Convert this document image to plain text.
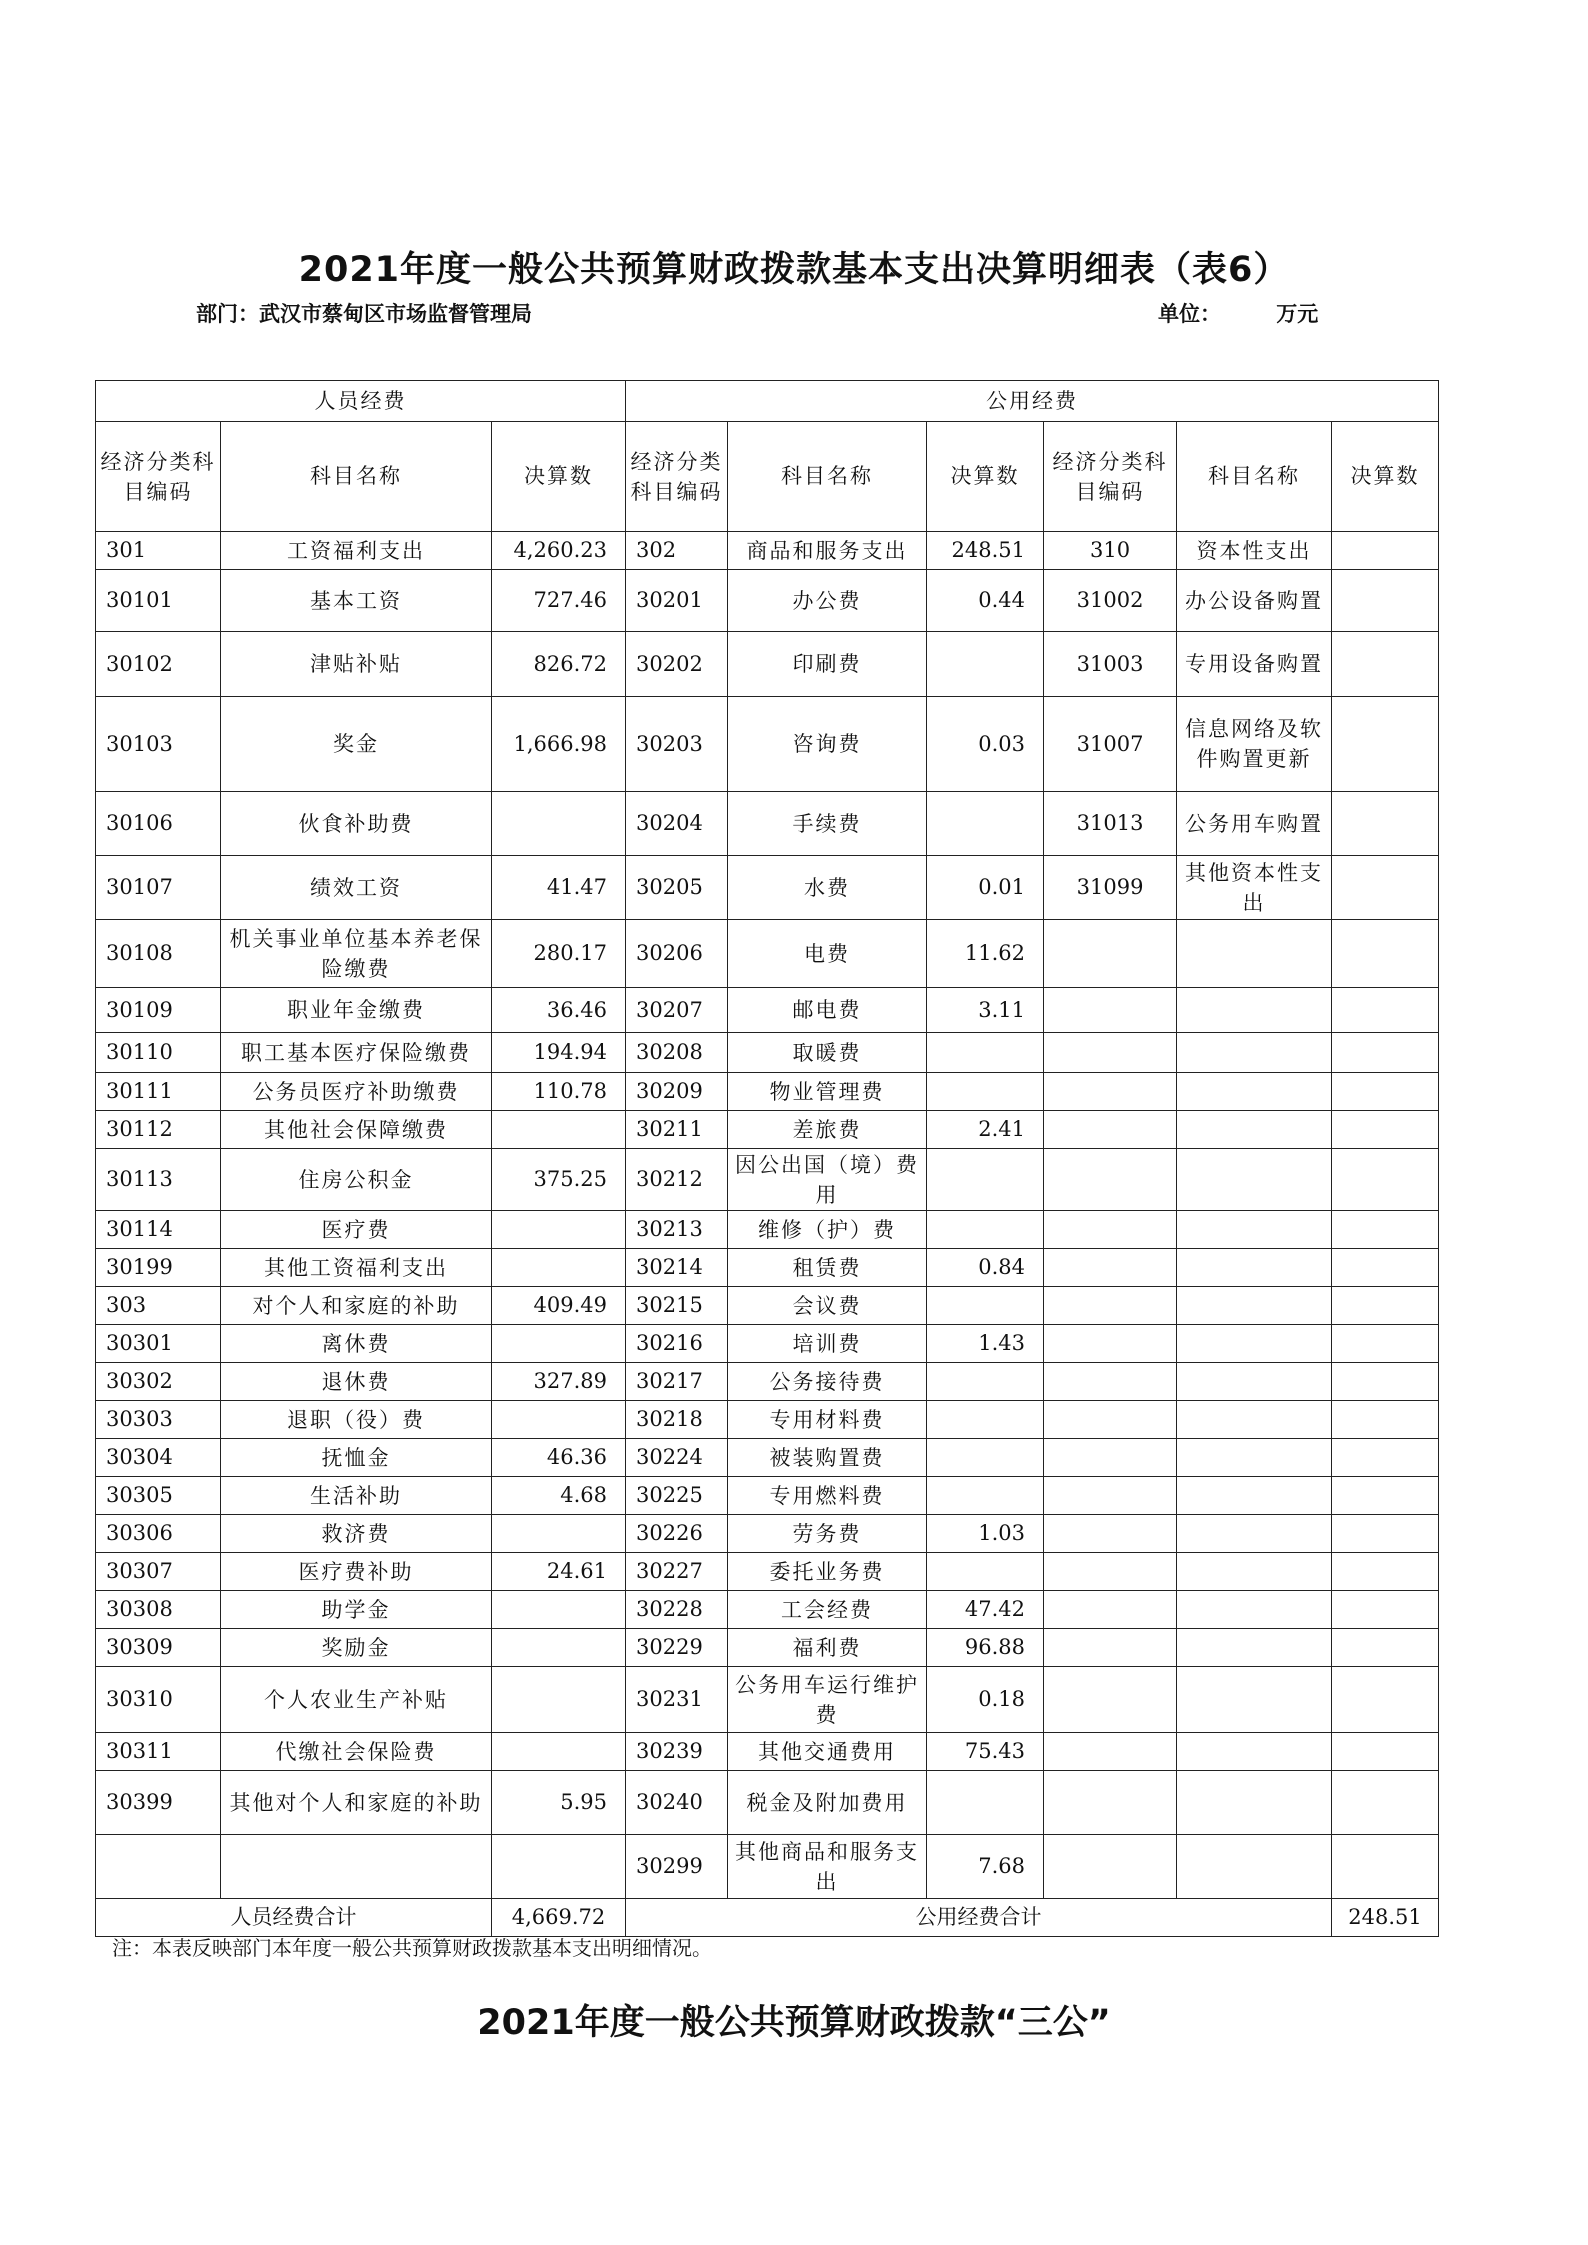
2021年度一般公共预算财政拨款基本支出决算明细表（表6）
部门：武汉市蔡甸区市场监督管理局	单位： 万元
人员经费			公用经费					
经济分类科目编码	科目名称	决算数	经济分类科目编码	科目名称	决算数	经济分类科目编码	科目名称	决算数
301	工资福利支出	4,260.23	302	商品和服务支出	248.51	310	资本性支出	
30101	基本工资	727.46	30201	办公费	0.44	31002	办公设备购置	
30102	津贴补贴	826.72	30202	印刷费		31003	专用设备购置	
30103	奖金	1,666.98	30203	咨询费	0.03	31007	信息网络及软件购置更新	
30106	伙食补助费		30204	手续费		31013	公务用车购置	
30107	绩效工资	41.47	30205	水费	0.01	31099	其他资本性支出	
30108	机关事业单位基本养老保险缴费	280.17	30206	电费	11.62			
30109	职业年金缴费	36.46	30207	邮电费	3.11			
30110	职工基本医疗保险缴费	194.94	30208	取暖费				
30111	公务员医疗补助缴费	110.78	30209	物业管理费				
30112	其他社会保障缴费		30211	差旅费	2.41			
30113	住房公积金	375.25	30212	因公出国（境）费用				
30114	医疗费		30213	维修（护）费				
30199	其他工资福利支出		30214	租赁费	0.84			
303	对个人和家庭的补助	409.49	30215	会议费				
30301	离休费		30216	培训费	1.43			
30302	退休费	327.89	30217	公务接待费				
30303	退职（役）费		30218	专用材料费				
30304	抚恤金	46.36	30224	被装购置费				
30305	生活补助	4.68	30225	专用燃料费				
30306	救济费		30226	劳务费	1.03			
30307	医疗费补助	24.61	30227	委托业务费				
30308	助学金		30228	工会经费	47.42			
30309	奖励金		30229	福利费	96.88			
30310	个人农业生产补贴		30231	公务用车运行维护费	0.18			
30311	代缴社会保险费		30239	其他交通费用	75.43			
30399	其他对个人和家庭的补助	5.95	30240	税金及附加费用				
			30299	其他商品和服务支出	7.68			
人员经费合计		4,669.72	公用经费合计					248.51
注：本表反映部门本年度一般公共预算财政拨款基本支出明细情况。
2021年度一般公共预算财政拨款“三公”
